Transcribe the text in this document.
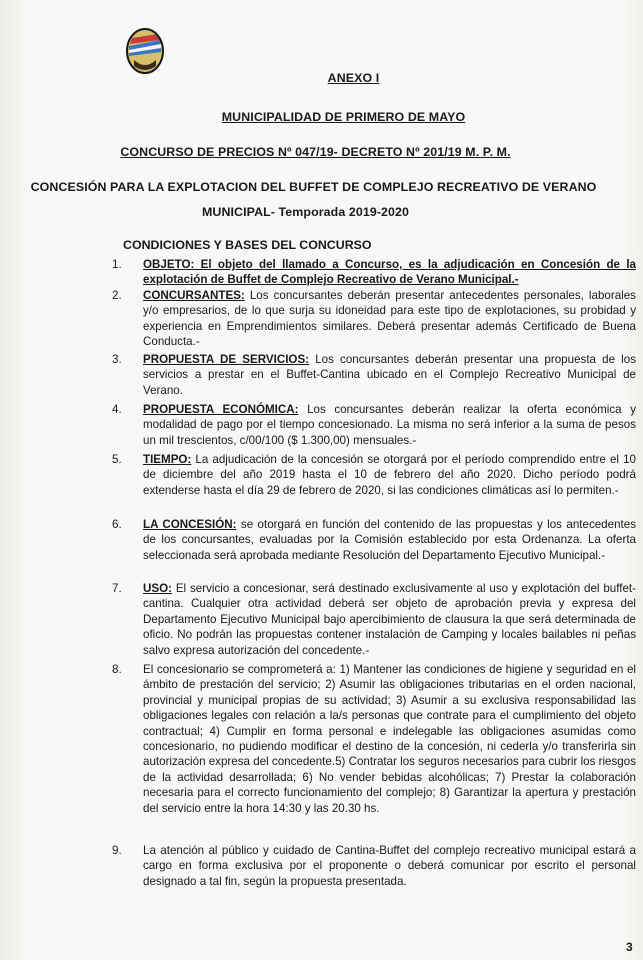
ANEXO I
MUNICIPALIDAD DE PRIMERO DE MAYO
CONCURSO DE PRECIOS Nº 047/19- DECRETO Nº 201/19 M. P. M.
CONCESIÓN PARA LA EXPLOTACION DEL BUFFET DE COMPLEJO RECREATIVO DE VERANO
MUNICIPAL- Temporada 2019-2020
CONDICIONES Y BASES DEL CONCURSO
1.	OBJETO: El objeto del llamado a Concurso, es la adjudicación en Concesión de la explotación de Buffet de Complejo Recreativo de Verano Municipal.-
2.	CONCURSANTES: Los concursantes deberán presentar antecedentes personales, laborales y/o empresarios, de lo que surja su idoneidad para este tipo de explotaciones, su probidad y experiencia en Emprendimientos similares. Deberá presentar además Certificado de Buena Conducta.-
3.	PROPUESTA DE SERVICIOS: Los concursantes deberán presentar una propuesta de los servicios a prestar en el Buffet-Cantina ubicado en el Complejo Recreativo Municipal de Verano.
4.	PROPUESTA ECONÓMICA: Los concursantes deberán realizar la oferta económica y modalidad de pago por el tiempo concesionado. La misma no será inferior a la suma de pesos un mil trescientos, c/00/100 ($ 1.300,00) mensuales.-
5.	TIEMPO: La adjudicación de la concesión se otorgará por el período comprendido entre el 10 de diciembre del año 2019 hasta el 10 de febrero del año 2020. Dicho período podrá extenderse hasta el día 29 de febrero de 2020, si las condiciones climáticas así lo permiten.-
6.	LA CONCESIÓN: se otorgará en función del contenido de las propuestas y los antecedentes de los concursantes, evaluadas por la Comisión establecido por esta Ordenanza. La oferta seleccionada será aprobada mediante Resolución del Departamento Ejecutivo Municipal.-
7.	USO: El servicio a concesionar, será destinado exclusivamente al uso y explotación del buffet-cantina. Cualquier otra actividad deberá ser objeto de aprobación previa y expresa del Departamento Ejecutivo Municipal bajo apercibimiento de clausura la que será determinada de oficio. No podrán las propuestas contener instalación de Camping y locales bailables ni peñas salvo expresa autorización del concedente.-
8.	El concesionario se comprometerá a: 1) Mantener las condiciones de higiene y seguridad en el ámbito de prestación del servicio; 2) Asumir las obligaciones tributarias en el orden nacional, provincial y municipal propias de su actividad; 3) Asumir a su exclusiva responsabilidad las obligaciones legales con relación a la/s personas que contrate para el cumplimiento del objeto contractual; 4) Cumplir en forma personal e indelegable las obligaciones asumidas como concesionario, no pudiendo modificar el destino de la concesión, ni cederla y/o transferirla sin autorización expresa del concedente.5) Contratar los seguros necesarios para cubrir los riesgos de la actividad desarrollada; 6) No vender bebidas alcohólicas; 7) Prestar la colaboración necesaria para el correcto funcionamiento del complejo; 8) Garantizar la apertura y prestación del servicio entre la hora 14:30 y las 20.30 hs.
9.	La atención al público y cuidado de Cantina-Buffet del complejo recreativo municipal estará a cargo en forma exclusiva por el proponente o deberá comunicar por escrito el personal designado a tal fin, según la propuesta presentada.
3
